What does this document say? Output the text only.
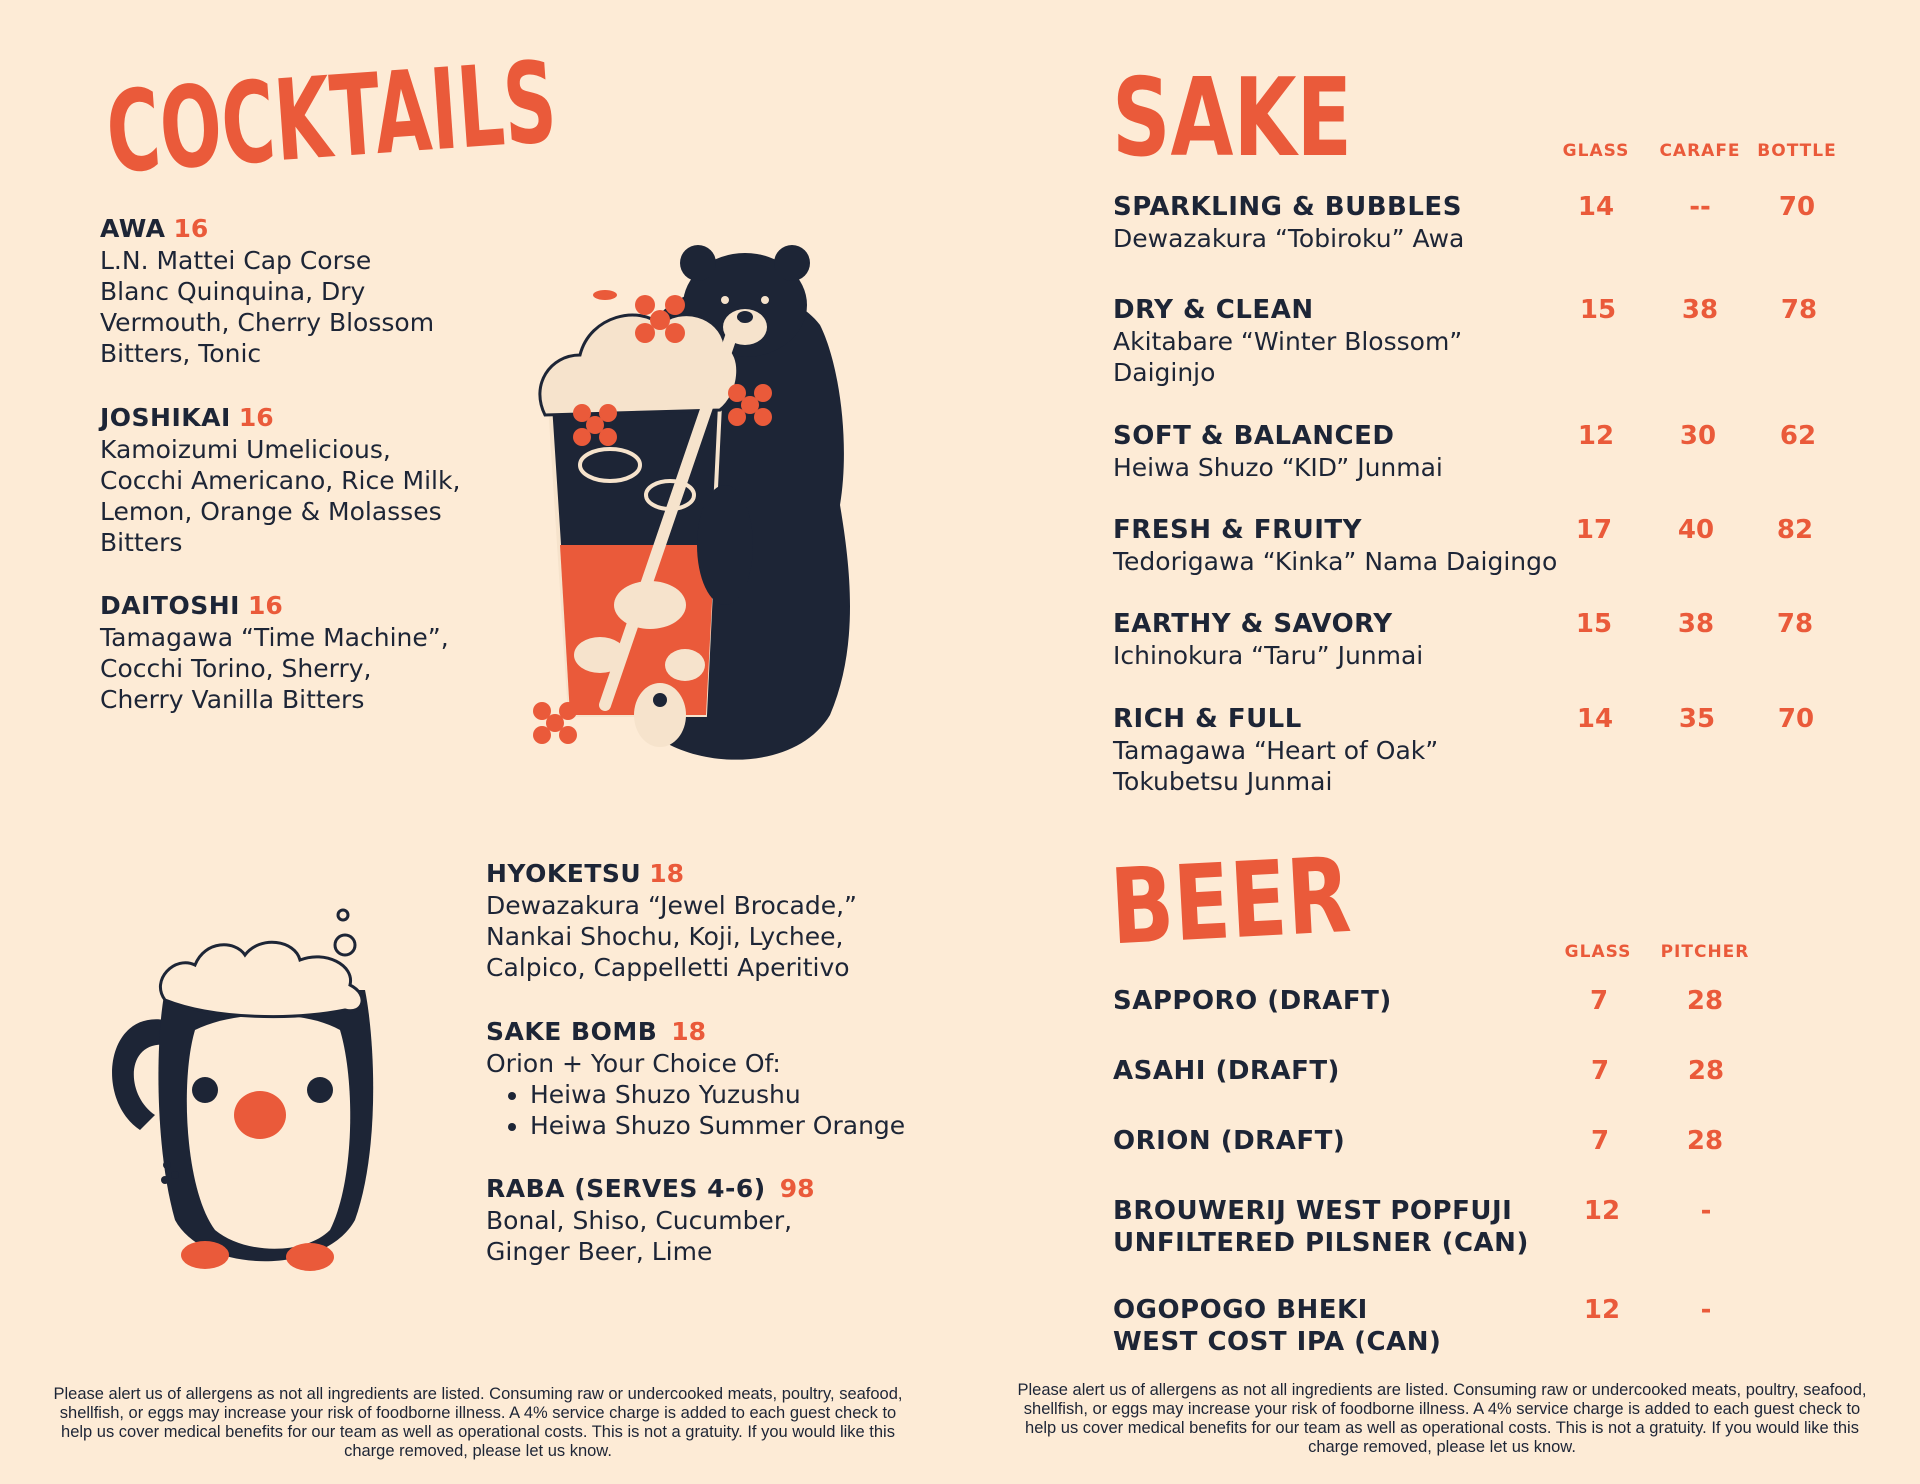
COCKTAILS
AWA 16
L.N. Mattei Cap Corse
Blanc Quinquina, Dry
Vermouth, Cherry Blossom
Bitters, Tonic
JOSHIKAI 16
Kamoizumi Umelicious,
Cocchi Americano, Rice Milk,
Lemon, Orange & Molasses
Bitters
DAITOSHI 16
Tamagawa “Time Machine”,
Cocchi Torino, Sherry,
Cherry Vanilla Bitters
HYOKETSU 18
Dewazakura “Jewel Brocade,”
Nankai Shochu, Koji, Lychee,
Calpico, Cappelletti Aperitivo
SAKE BOMB 18
Orion + Your Choice Of:
• Heiwa Shuzo Yuzushu
• Heiwa Shuzo Summer Orange
RABA (SERVES 4-6) 98
Bonal, Shiso, Cucumber,
Ginger Beer, Lime
SAKE	GLASS	CARAFE BOTTLE
SPARKLING & BUBBLES
Dewazakura “Tobiroku” Awa
14	--	70
DRY & CLEAN
Akitabare “Winter Blossom”
Daiginjo
15	38	78
SOFT & BALANCED
Heiwa Shuzo “KID” Junmai
12	30	62
FRESH & FRUITY
Tedorigawa “Kinka” Nama Daigingo
17	40	82
EARTHY & SAVORY
Ichinokura “Taru” Junmai
15	38	78
RICH & FULL
Tamagawa “Heart of Oak”
Tokubetsu Junmai
14	35	70
BEER	GLASS	PITCHER
SAPPORO (DRAFT)	7	28
ASAHI (DRAFT)	7	28
ORION (DRAFT)	7	28
BROUWERIJ WEST POPFUJI
UNFILTERED PILSNER (CAN)
12	-
OGOPOGO BHEKI
WEST COST IPA (CAN)
12	-
Please alert us of allergens as not all ingredients are listed. Consuming raw or undercooked meats, poultry, seafood, shellfish, or eggs may increase your risk of foodborne illness. A 4% service charge is added to each guest check to help us cover medical benefits for our team as well as operational costs. This is not a gratuity. If you would like this charge removed, please let us know.
Please alert us of allergens as not all ingredients are listed. Consuming raw or undercooked meats, poultry, seafood, shellfish, or eggs may increase your risk of foodborne illness. A 4% service charge is added to each guest check to help us cover medical benefits for our team as well as operational costs. This is not a gratuity. If you would like this charge removed, please let us know.
